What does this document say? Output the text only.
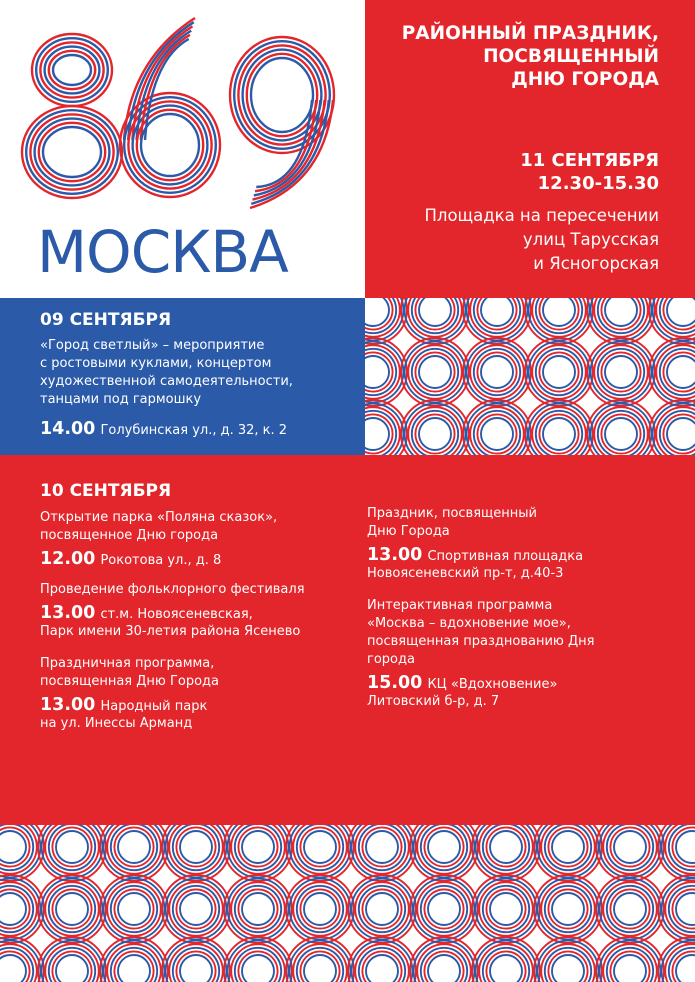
МОСКВА
РАЙОННЫЙ ПРАЗДНИК,
ПОСВЯЩЕННЫЙ
ДНЮ ГОРОДА
11 СЕНТЯБРЯ
12.30-15.30
Площадка на пересечении
улиц Тарусская
и Ясногорская
09 СЕНТЯБРЯ
«Город светлый» – мероприятие
с ростовыми куклами, концертом
художественной самодеятельности,
танцами под гармошку
14.00 Голубинская ул., д. 32, к. 2
10 СЕНТЯБРЯ
Открытие парка «Поляна сказок»,
посвященное Дню города
12.00 Рокотова ул., д. 8
Проведение фольклорного фестиваля
13.00 ст.м. Новоясеневская,
Парк имени 30-летия района Ясенево
Праздничная программа,
посвященная Дню Города
13.00 Народный парк
на ул. Инессы Арманд
Праздник, посвященный
Дню Города
13.00 Спортивная площадка
Новоясеневский пр-т, д.40-3
Интерактивная программа
«Москва – вдохновение мое»,
посвященная празднованию Дня
города
15.00 КЦ «Вдохновение»
Литовский б-р, д. 7
